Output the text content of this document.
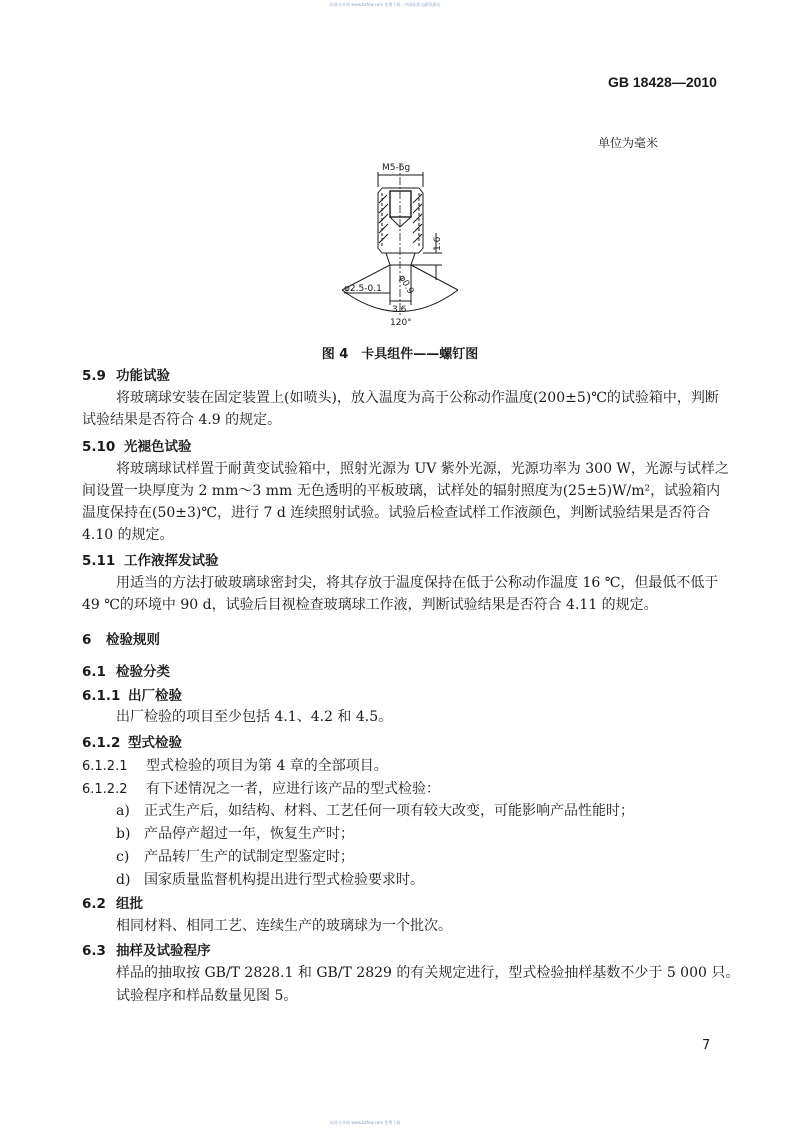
标准分享网 www.bzfxw.com 免费下载 · 中国标准文献资源站
GB 18428—2010
单位为毫米
M5-6g
1.6
φ0.9
φ2.5-0.1
3.6
120°
图 4　卡具组件——螺钉图
5.9 功能试验
将玻璃球安装在固定装置上(如喷头)，放入温度为高于公称动作温度(200±5)℃的试验箱中，判断
试验结果是否符合 4.9 的规定。
5.10 光褪色试验
将玻璃球试样置于耐黄变试验箱中，照射光源为 UV 紫外光源，光源功率为 300 W，光源与试样之
间设置一块厚度为 2 mm～3 mm 无色透明的平板玻璃，试样处的辐射照度为(25±5)W/m²，试验箱内
温度保持在(50±3)℃，进行 7 d 连续照射试验。试验后检查试样工作液颜色，判断试验结果是否符合
4.10 的规定。
5.11 工作液挥发试验
用适当的方法打破玻璃球密封尖，将其存放于温度保持在低于公称动作温度 16 ℃，但最低不低于
49 ℃的环境中 90 d，试验后目视检查玻璃球工作液，判断试验结果是否符合 4.11 的规定。
6 检验规则
6.1 检验分类
6.1.1 出厂检验
出厂检验的项目至少包括 4.1、4.2 和 4.5。
6.1.2 型式检验
6.1.2.1 型式检验的项目为第 4 章的全部项目。
6.1.2.2 有下述情况之一者，应进行该产品的型式检验：
a) 正式生产后，如结构、材料、工艺任何一项有较大改变，可能影响产品性能时；
b) 产品停产超过一年，恢复生产时；
c) 产品转厂生产的试制定型鉴定时；
d) 国家质量监督机构提出进行型式检验要求时。
6.2 组批
相同材料、相同工艺、连续生产的玻璃球为一个批次。
6.3 抽样及试验程序
样品的抽取按 GB/T 2828.1 和 GB/T 2829 的有关规定进行，型式检验抽样基数不少于 5 000 只。
试验程序和样品数量见图 5。
7
标准分享网 www.bzfxw.com 免费下载
